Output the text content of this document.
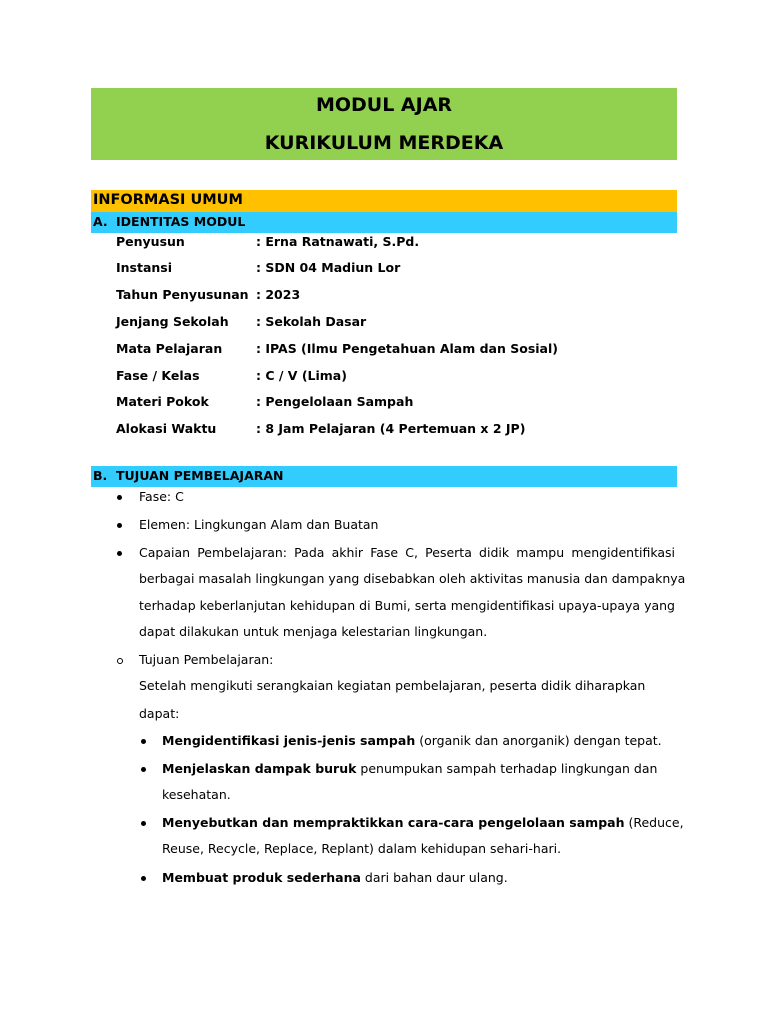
MODUL AJAR
KURIKULUM MERDEKA
INFORMASI UMUM
A. IDENTITAS MODUL
Penyusun	: Erna Ratnawati, S.Pd.
Instansi	: SDN 04 Madiun Lor
Tahun Penyusunan : 2023
Jenjang Sekolah : Sekolah Dasar
Mata Pelajaran	: IPAS (Ilmu Pengetahuan Alam dan Sosial)
Fase / Kelas	: C / V (Lima)
Materi Pokok	: Pengelolaan Sampah
Alokasi Waktu	: 8 Jam Pelajaran (4 Pertemuan x 2 JP)
B. TUJUAN PEMBELAJARAN
Fase: C
Elemen: Lingkungan Alam dan Buatan
Capaian Pembelajaran: Pada akhir Fase C, Peserta didik mampu mengidentifikasi
berbagai masalah lingkungan yang disebabkan oleh aktivitas manusia dan dampaknya
terhadap keberlanjutan kehidupan di Bumi, serta mengidentifikasi upaya-upaya yang
dapat dilakukan untuk menjaga kelestarian lingkungan.
Tujuan Pembelajaran:
Setelah mengikuti serangkaian kegiatan pembelajaran, peserta didik diharapkan
dapat:
Mengidentifikasi jenis-jenis sampah (organik dan anorganik) dengan tepat.
Menjelaskan dampak buruk penumpukan sampah terhadap lingkungan dan
kesehatan.
Menyebutkan dan mempraktikkan cara-cara pengelolaan sampah (Reduce,
Reuse, Recycle, Replace, Replant) dalam kehidupan sehari-hari.
Membuat produk sederhana dari bahan daur ulang.
